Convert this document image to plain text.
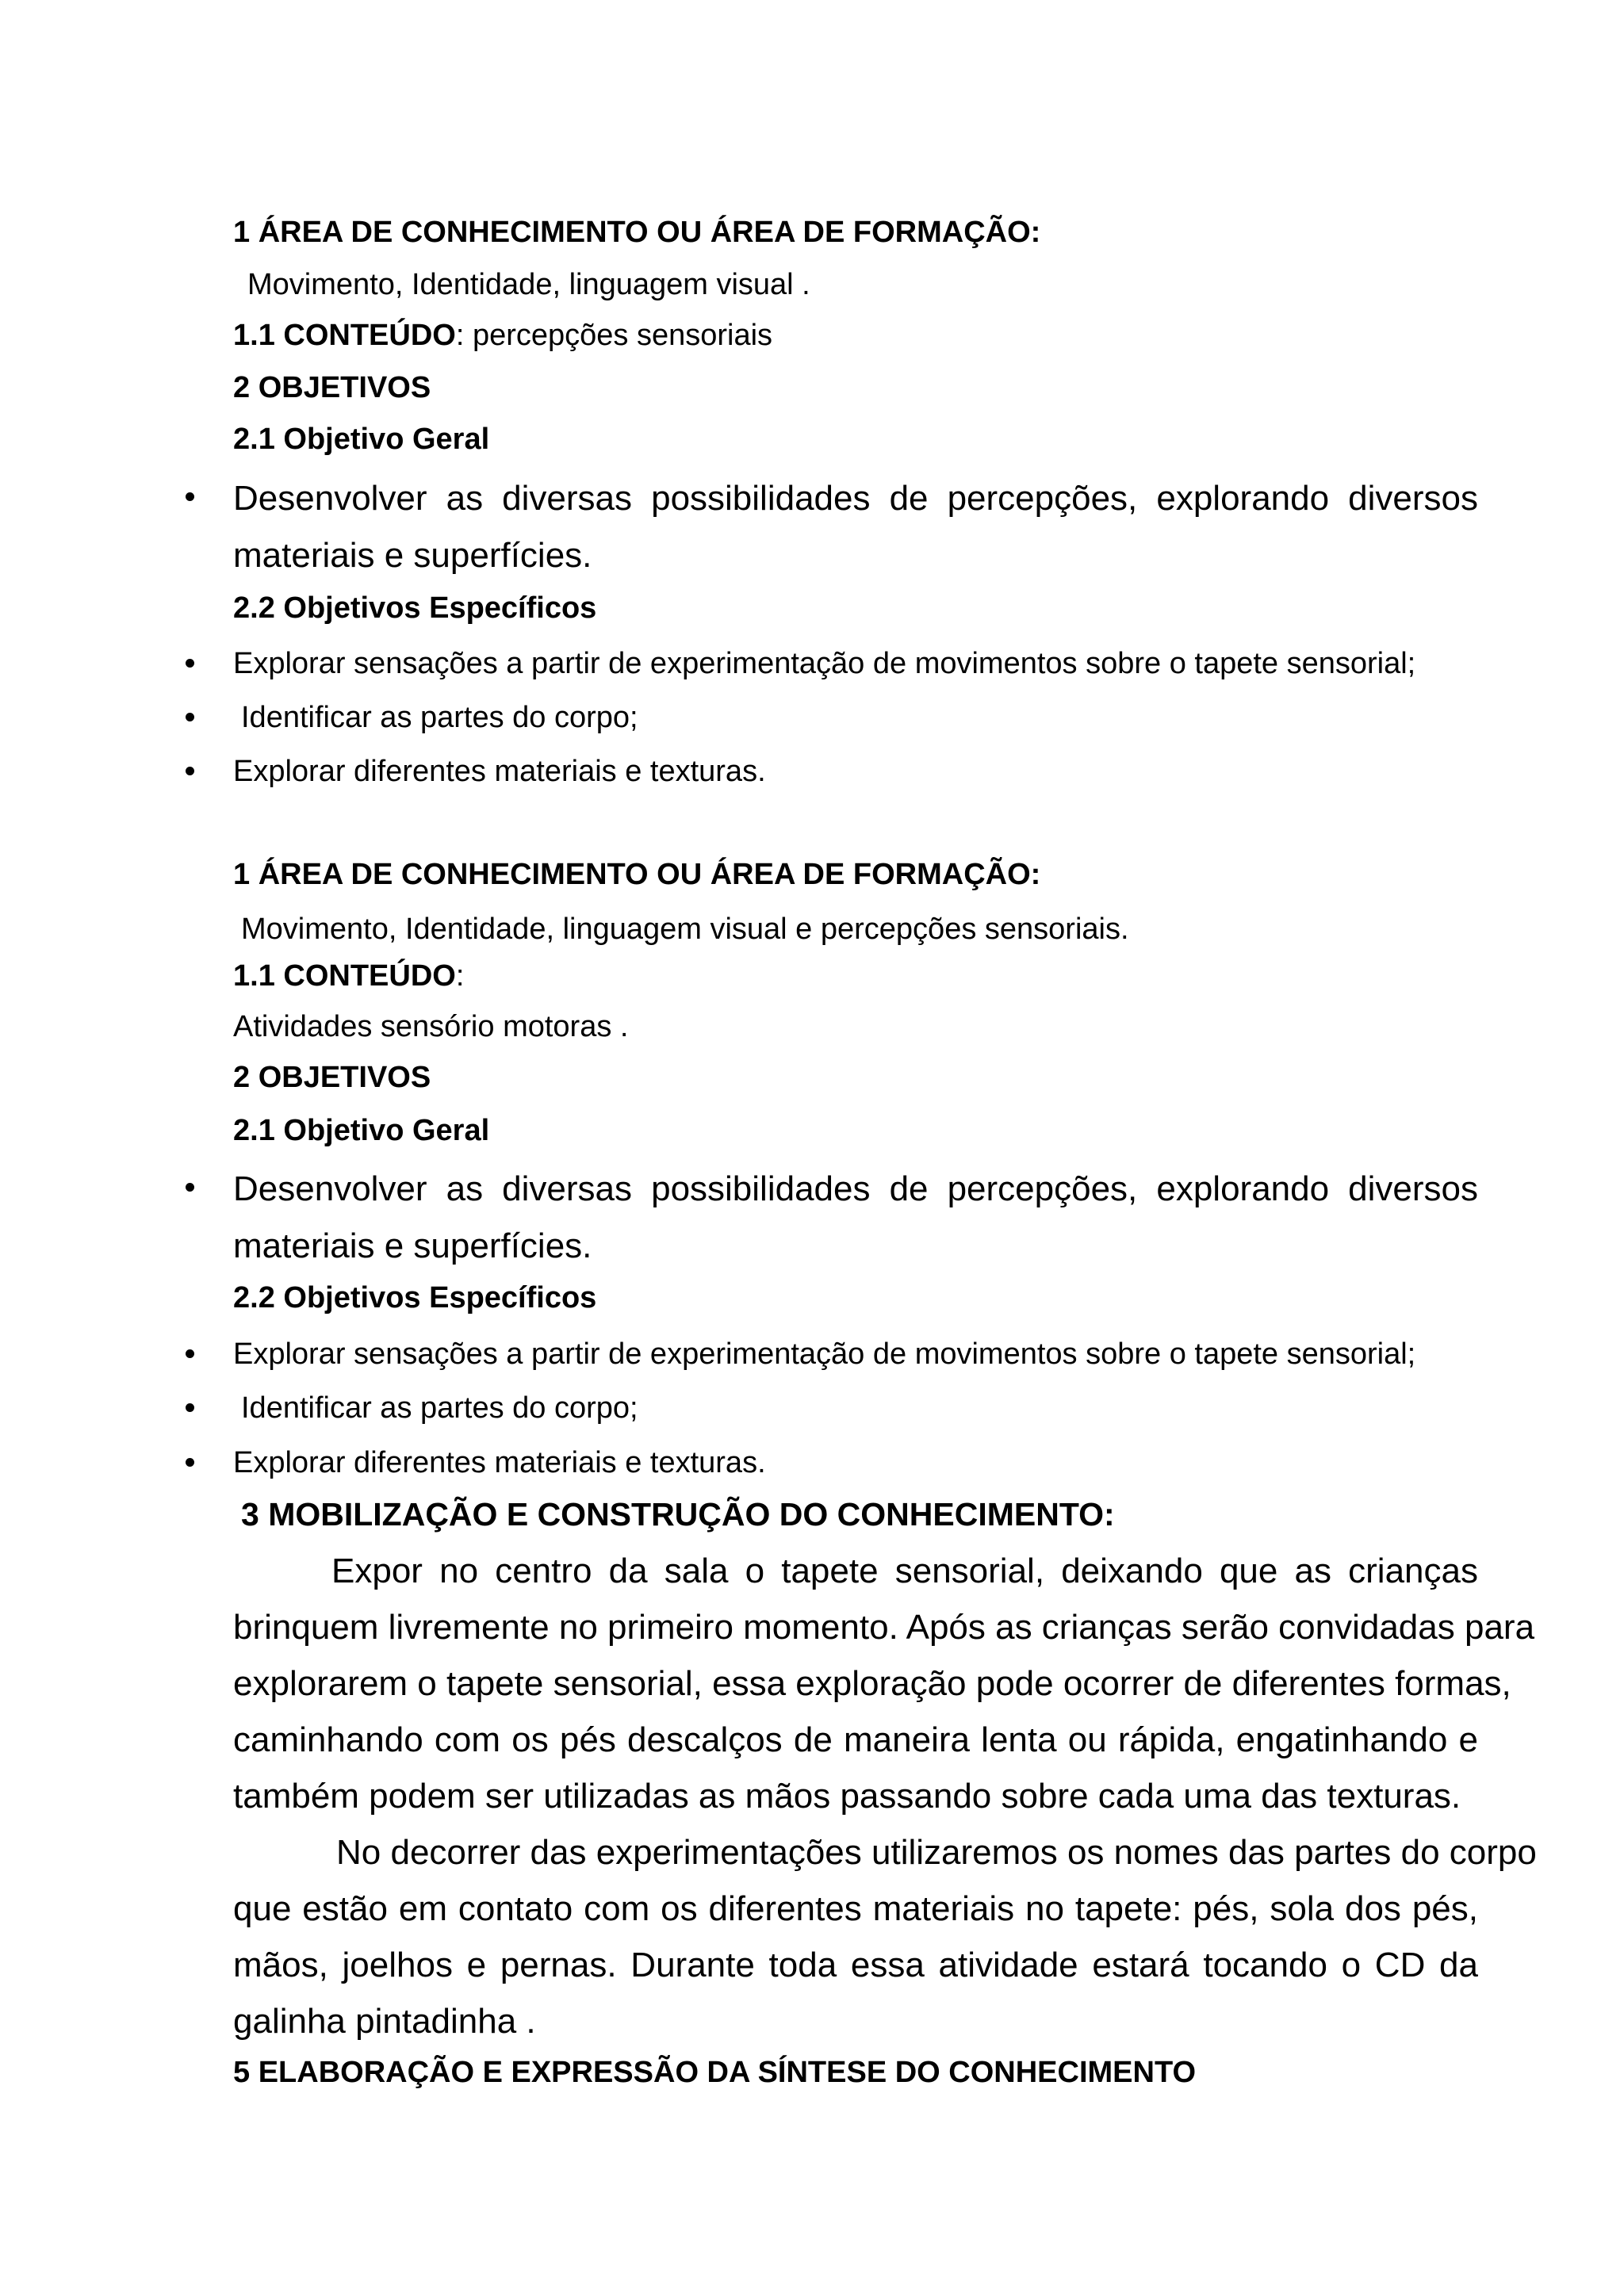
1 ÁREA DE CONHECIMENTO OU ÁREA DE FORMAÇÃO:
Movimento, Identidade, linguagem visual .
1.1 CONTEÚDO: percepções sensoriais
2 OBJETIVOS
2.1 Objetivo Geral
Desenvolver as diversas possibilidades de percepções, explorando diversos
materiais e superfícies.
2.2 Objetivos Específicos
Explorar sensações a partir de experimentação de movimentos sobre o tapete sensorial;
Identificar as partes do corpo;
Explorar diferentes materiais e texturas.
1 ÁREA DE CONHECIMENTO OU ÁREA DE FORMAÇÃO:
Movimento, Identidade, linguagem visual e percepções sensoriais.
1.1 CONTEÚDO:
Atividades sensório motoras .
2 OBJETIVOS
2.1 Objetivo Geral
Desenvolver as diversas possibilidades de percepções, explorando diversos
materiais e superfícies.
2.2 Objetivos Específicos
Explorar sensações a partir de experimentação de movimentos sobre o tapete sensorial;
Identificar as partes do corpo;
Explorar diferentes materiais e texturas.
3 MOBILIZAÇÃO E CONSTRUÇÃO DO CONHECIMENTO:
Expor no centro da sala o tapete sensorial, deixando que as crianças
brinquem livremente no primeiro momento. Após as crianças serão convidadas para
explorarem o tapete sensorial, essa exploração pode ocorrer de diferentes formas,
caminhando com os pés descalços de maneira lenta ou rápida, engatinhando e
também podem ser utilizadas as mãos passando sobre cada uma das texturas.
No decorrer das experimentações utilizaremos os nomes das partes do corpo
que estão em contato com os diferentes materiais no tapete: pés, sola dos pés,
mãos, joelhos e pernas. Durante toda essa atividade estará tocando o CD da
galinha pintadinha .
5 ELABORAÇÃO E EXPRESSÃO DA SÍNTESE DO CONHECIMENTO
